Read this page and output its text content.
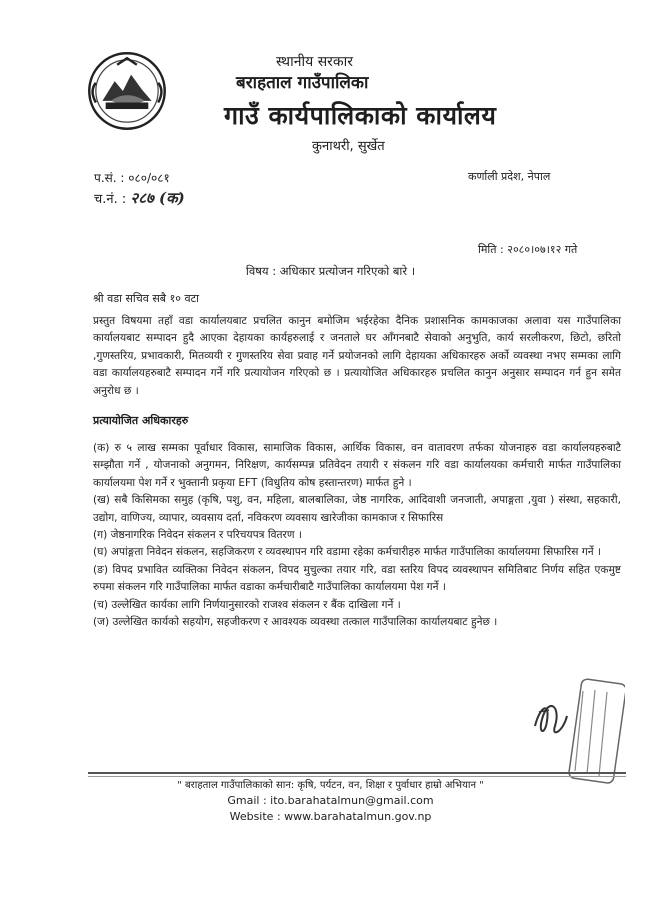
स्थानीय सरकार
बराहताल गाउँपालिका
गाउँ कार्यपालिकाको कार्यालय
कुनाथरी, सुर्खेत
प.सं. : ०८०/०८१
च.नं. : २८७ (क)
कर्णाली प्रदेश, नेपाल
मिति : २०८०।०७।१२ गते
विषय : अधिकार प्रत्योजन गरिएको बारे ।
श्री वडा सचिव सबै १० वटा
प्रस्तुत विषयमा तहाँ वडा कार्यालयबाट प्रचलित कानुन बमोजिम भईरहेका दैनिक प्रशासनिक कामकाजका अलावा यस गाउँपालिका कार्यालयबाट सम्पादन हुदै आएका देहायका कार्यहरुलाई र जनताले घर आँगनबाटै सेवाको अनुभुति, कार्य सरलीकरण, छिटो, छरितो ,गुणस्तरिय, प्रभावकारी, मितव्ययी र गुणस्तरिय सेवा प्रवाह गर्ने प्रयोजनको लागि देहायका अधिकारहरु अर्को व्यवस्था नभए सम्मका लागि वडा कार्यालयहरुबाटै सम्पादन गर्ने गरि प्रत्यायोजन गरिएको छ । प्रत्यायोजित अधिकारहरु प्रचलित कानुन अनुसार सम्पादन गर्न हुन समेत अनुरोध छ ।
प्रत्यायोजित अधिकारहरु

(क) रु ५ लाख सम्मका पूर्वाधार विकास, सामाजिक विकास, आर्थिक विकास, वन वातावरण तर्फका योजनाहरु वडा कार्यालयहरुबाटै सम्झौता गर्ने , योजनाको अनुगमन, निरिक्षण, कार्यसम्पन्न प्रतिवेदन तयारी र संकलन गरि वडा कार्यालयका कर्मचारी मार्फत गाउँपालिका कार्यालयमा पेश गर्ने र भुक्तानी प्रकृया EFT (विधुतिय कोष हस्तान्तरण) मार्फत हुने ।

(ख) सबै किसिमका समुह (कृषि, पशु, वन, महिला, बालबालिका, जेष्ठ नागरिक, आदिवाशी जनजाती, अपाङ्गता ,युवा ) संस्था, सहकारी, उद्योग, वाणिज्य, व्यापार, व्यवसाय दर्ता, नविकरण व्यवसाय खारेजीका कामकाज र सिफारिस

(ग) जेष्ठनागरिक निवेदन संकलन र परिचयपत्र वितरण ।

(घ) अपांङ्गता निवेदन संकलन, सहजिकरण र व्यवस्थापन गरि वडामा रहेका कर्मचारीहरु मार्फत गाउँपालिका कार्यालयमा सिफारिस गर्ने ।

(ङ) विपद प्रभावित व्यक्तिका निवेदन संकलन, विपद मुचुल्का तयार गरि, वडा स्तरिय विपद व्यवस्थापन समितिबाट निर्णय सहित एकमुष्ट रुपमा संकलन गरि गाउँपालिका मार्फत वडाका कर्मचारीबाटै गाउँपालिका कार्यालयमा पेश गर्ने ।

(च) उल्लेखित कार्यका लागि निर्णयानुसारको राजश्व संकलन र बैंक दाखिला गर्ने ।

(ज) उल्लेखित कार्यको सहयोग, सहजीकरण र आवश्यक व्यवस्था तत्काल गाउँपालिका कार्यालयबाट हुनेछ ।

" बराहताल गाउँपालिकाको सान: कृषि, पर्यटन, वन, शिक्षा र पुर्वाधार हाम्रो अभियान "
Gmail : ito.barahatalmun@gmail.com
Website : www.barahatalmun.gov.np
